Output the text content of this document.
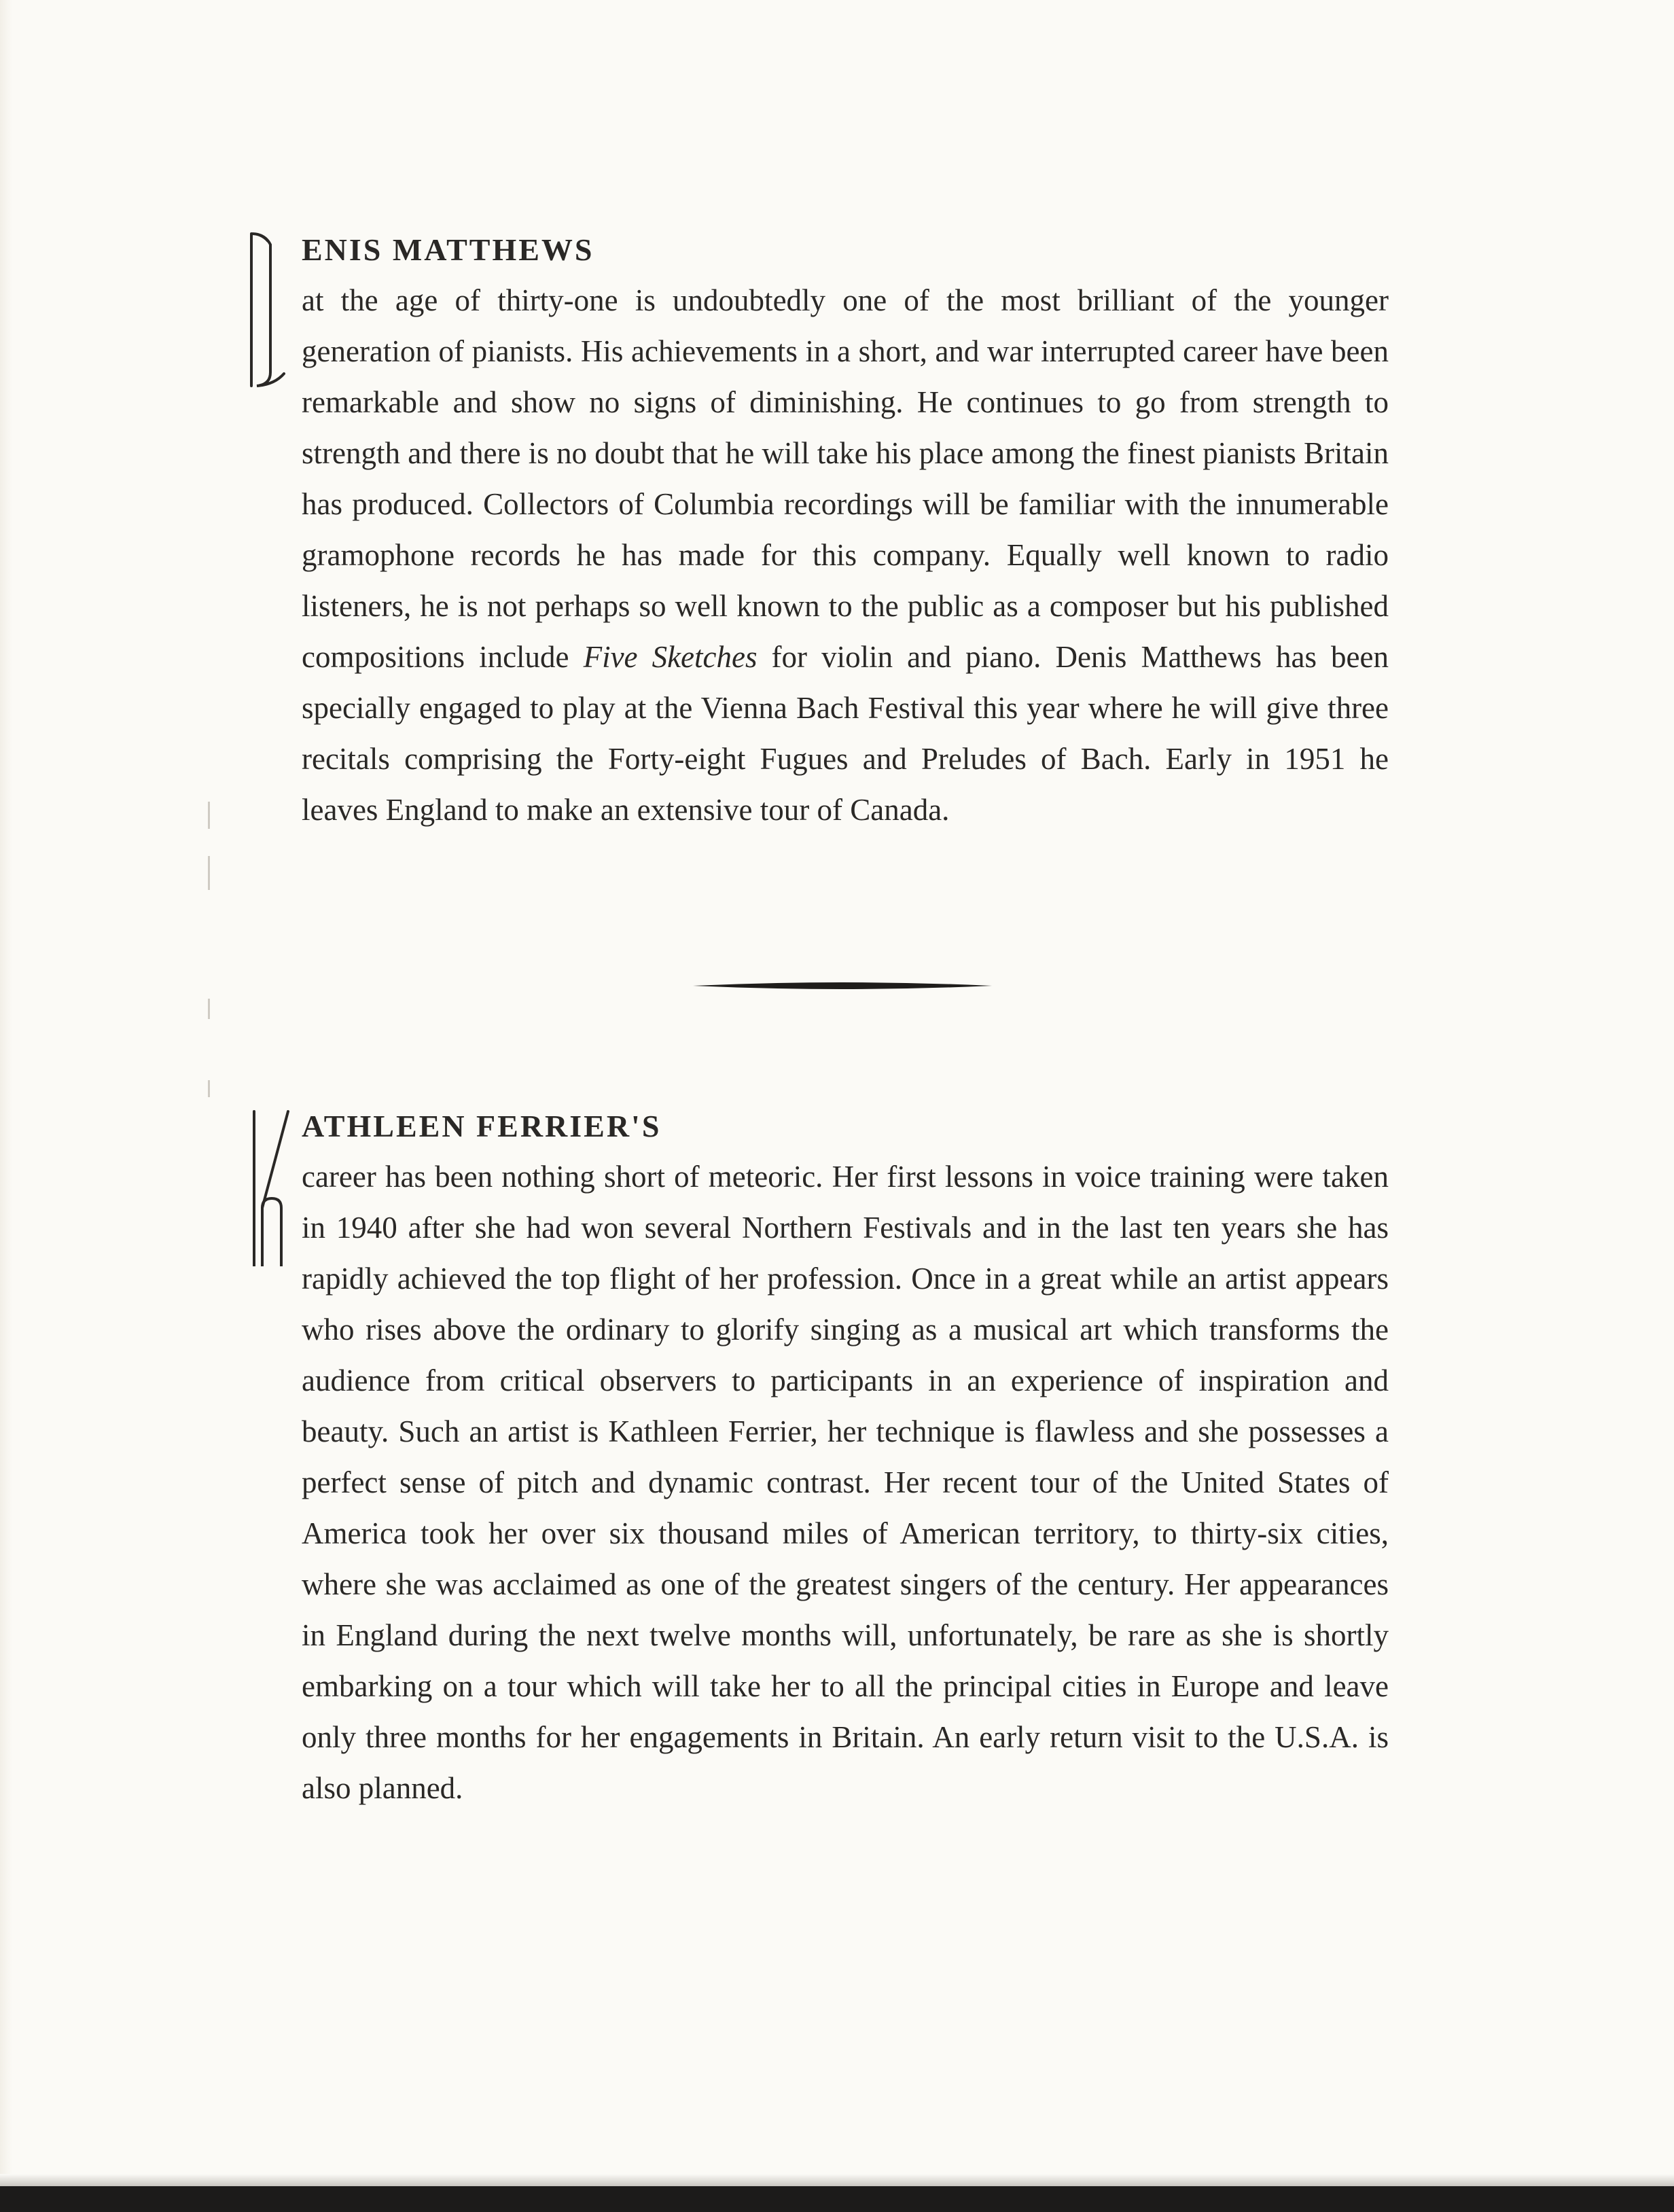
ENIS MATTHEWS

at the age of thirty-one is undoubtedly one of the most brilliant of the younger generation of pianists. His achievements in a short, and war interrupted career have been remarkable and show no signs of diminishing. He continues to go from strength to strength and there is no doubt that he will take his place among the finest pianists Britain has produced. Collectors of Columbia recordings will be familiar with the innumerable gramophone records he has made for this company. Equally well known to radio listeners, he is not perhaps so well known to the public as a composer but his published compositions include Five Sketches for violin and piano. Denis Matthews has been specially engaged to play at the Vienna Bach Festival this year where he will give three recitals comprising the Forty-eight Fugues and Preludes of Bach. Early in 1951 he leaves England to make an extensive tour of Canada.

ATHLEEN FERRIER'S

career has been nothing short of meteoric. Her first lessons in voice training were taken in 1940 after she had won several Northern Festivals and in the last ten years she has rapidly achieved the top flight of her profession. Once in a great while an artist appears who rises above the ordinary to glorify singing as a musical art which transforms the audience from critical observers to participants in an experience of inspiration and beauty. Such an artist is Kathleen Ferrier, her technique is flawless and she possesses a perfect sense of pitch and dynamic contrast. Her recent tour of the United States of America took her over six thousand miles of American territory, to thirty-six cities, where she was acclaimed as one of the greatest singers of the century. Her appearances in England during the next twelve months will, unfortunately, be rare as she is shortly embarking on a tour which will take her to all the principal cities in Europe and leave only three months for her engagements in Britain. An early return visit to the U.S.A. is also planned.
